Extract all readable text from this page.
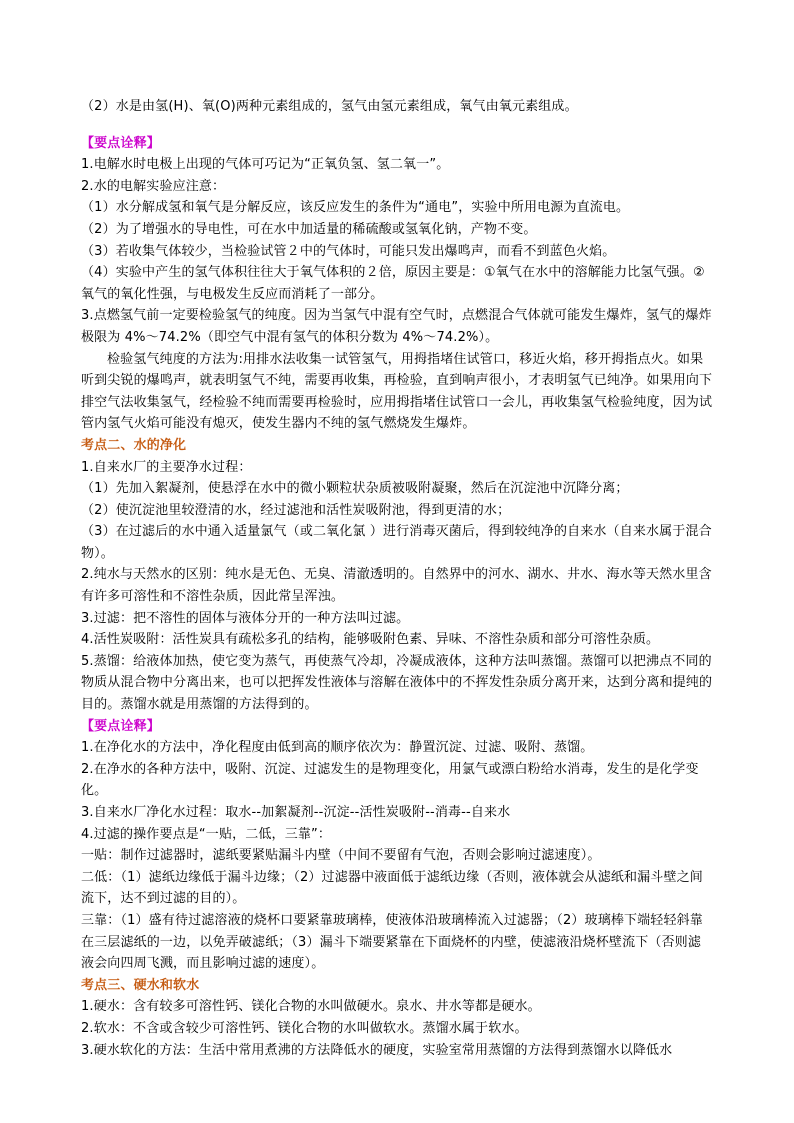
（2）水是由氢(H)、氧(O)两种元素组成的，氢气由氢元素组成，氧气由氧元素组成。

【要点诠释】

1.电解水时电极上出现的气体可巧记为“正氧负氢、氢二氧一”。

2.水的电解实验应注意：

（1）水分解成氢和氧气是分解反应，该反应发生的条件为“通电”，实验中所用电源为直流电。

（2）为了增强水的导电性，可在水中加适量的稀硫酸或氢氧化钠，产物不变。

（3）若收集气体较少，当检验试管２中的气体时，可能只发出爆鸣声，而看不到蓝色火焰。

（4）实验中产生的氢气体积往往大于氧气体积的２倍，原因主要是：①氧气在水中的溶解能力比氢气强。②氧气的氧化性强，与电极发生反应而消耗了一部分。

3.点燃氢气前一定要检验氢气的纯度。因为当氢气中混有空气时，点燃混合气体就可能发生爆炸，氢气的爆炸极限为 4%～74.2%（即空气中混有氢气的体积分数为 4%～74.2%）。

检验氢气纯度的方法为:用排水法收集一试管氢气，用拇指堵住试管口，移近火焰，移开拇指点火。如果听到尖锐的爆鸣声，就表明氢气不纯，需要再收集，再检验，直到响声很小，才表明氢气已纯净。如果用向下排空气法收集氢气，经检验不纯而需要再检验时，应用拇指堵住试管口一会儿，再收集氢气检验纯度，因为试管内氢气火焰可能没有熄灭，使发生器内不纯的氢气燃烧发生爆炸。

考点二、水的净化

1.自来水厂的主要净水过程：

（1）先加入絮凝剂，使悬浮在水中的微小颗粒状杂质被吸附凝聚，然后在沉淀池中沉降分离；

（2）使沉淀池里较澄清的水，经过滤池和活性炭吸附池，得到更清的水；

（3）在过滤后的水中通入适量氯气（或二氧化氯 ）进行消毒灭菌后，得到较纯净的自来水（自来水属于混合物）。

2.纯水与天然水的区别：纯水是无色、无臭、清澈透明的。自然界中的河水、湖水、井水、海水等天然水里含有许多可溶性和不溶性杂质，因此常呈浑浊。

3.过滤：把不溶性的固体与液体分开的一种方法叫过滤。

4.活性炭吸附：活性炭具有疏松多孔的结构，能够吸附色素、异味、不溶性杂质和部分可溶性杂质。

5.蒸馏：给液体加热，使它变为蒸气，再使蒸气冷却，冷凝成液体，这种方法叫蒸馏。蒸馏可以把沸点不同的物质从混合物中分离出来，也可以把挥发性液体与溶解在液体中的不挥发性杂质分离开来，达到分离和提纯的目的。蒸馏水就是用蒸馏的方法得到的。

【要点诠释】

1.在净化水的方法中，净化程度由低到高的顺序依次为：静置沉淀、过滤、吸附、蒸馏。

2.在净水的各种方法中，吸附、沉淀、过滤发生的是物理变化，用氯气或漂白粉给水消毒，发生的是化学变化。

3.自来水厂净化水过程：取水--加絮凝剂--沉淀--活性炭吸附--消毒--自来水

4.过滤的操作要点是“一贴，二低，三靠”：

一贴：制作过滤器时，滤纸要紧贴漏斗内壁（中间不要留有气泡，否则会影响过滤速度）。

二低：（1）滤纸边缘低于漏斗边缘；（2）过滤器中液面低于滤纸边缘（否则，液体就会从滤纸和漏斗壁之间流下，达不到过滤的目的）。

三靠：（1）盛有待过滤溶液的烧杯口要紧靠玻璃棒，使液体沿玻璃棒流入过滤器；（2）玻璃棒下端轻轻斜靠在三层滤纸的一边，以免弄破滤纸；（3）漏斗下端要紧靠在下面烧杯的内壁，使滤液沿烧杯壁流下（否则滤液会向四周飞溅，而且影响过滤的速度）。

考点三、硬水和软水

1.硬水：含有较多可溶性钙、镁化合物的水叫做硬水。泉水、井水等都是硬水。

2.软水：不含或含较少可溶性钙、镁化合物的水叫做软水。蒸馏水属于软水。

3.硬水软化的方法：生活中常用煮沸的方法降低水的硬度，实验室常用蒸馏的方法得到蒸馏水以降低水
